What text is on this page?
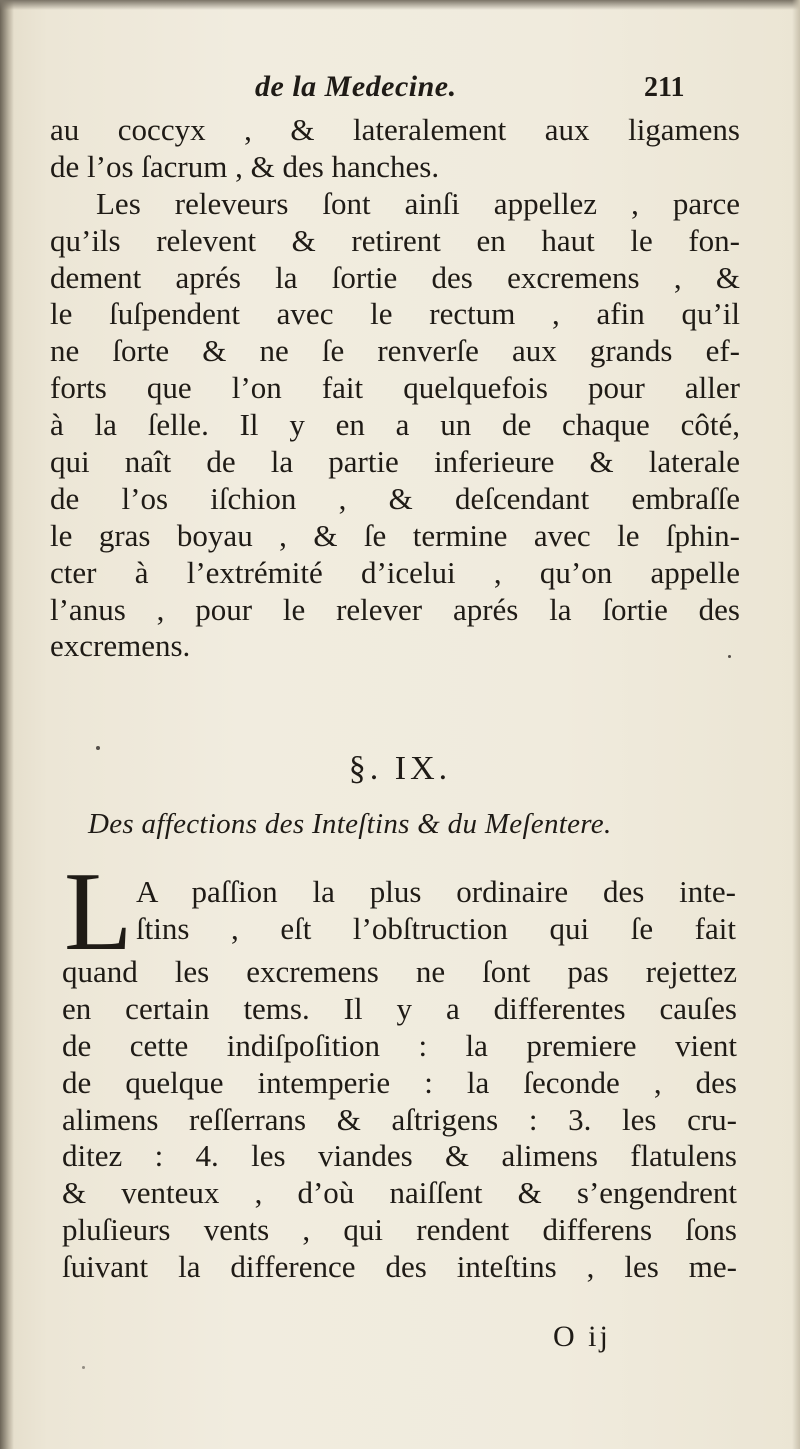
de la Medecine.	211
au coccyx , & lateralement aux ligamens
de l’os ſacrum , & des hanches.
Les releveurs ſont ainſi appellez , parce
qu’ils relevent & retirent en haut le fon-
dement aprés la ſortie des excremens , &
le ſuſpendent avec le rectum , afin qu’il
ne ſorte & ne ſe renverſe aux grands ef-
forts que l’on fait quelquefois pour aller
à la ſelle. Il y en a un de chaque côté,
qui naît de la partie inferieure & laterale
de l’os iſchion , & deſcendant embraſſe
le gras boyau , & ſe termine avec le ſphin-
cter à l’extrémité d’icelui , qu’on appelle
l’anus , pour le relever aprés la ſortie des
excremens.
§. IX.
Des affections des Inteſtins & du Meſentere.
L A paſſion la plus ordinaire des inte-
ſtins , eſt l’obſtruction qui ſe fait
quand les excremens ne ſont pas rejettez
en certain tems. Il y a differentes cauſes
de cette indiſpoſition : la premiere vient
de quelque intemperie : la ſeconde , des
alimens reſſerrans & aſtrigens : 3. les cru-
ditez : 4. les viandes & alimens flatulens
& venteux , d’où naiſſent & s’engendrent
pluſieurs vents , qui rendent differens ſons
ſuivant la difference des inteſtins , les me-
O ij
